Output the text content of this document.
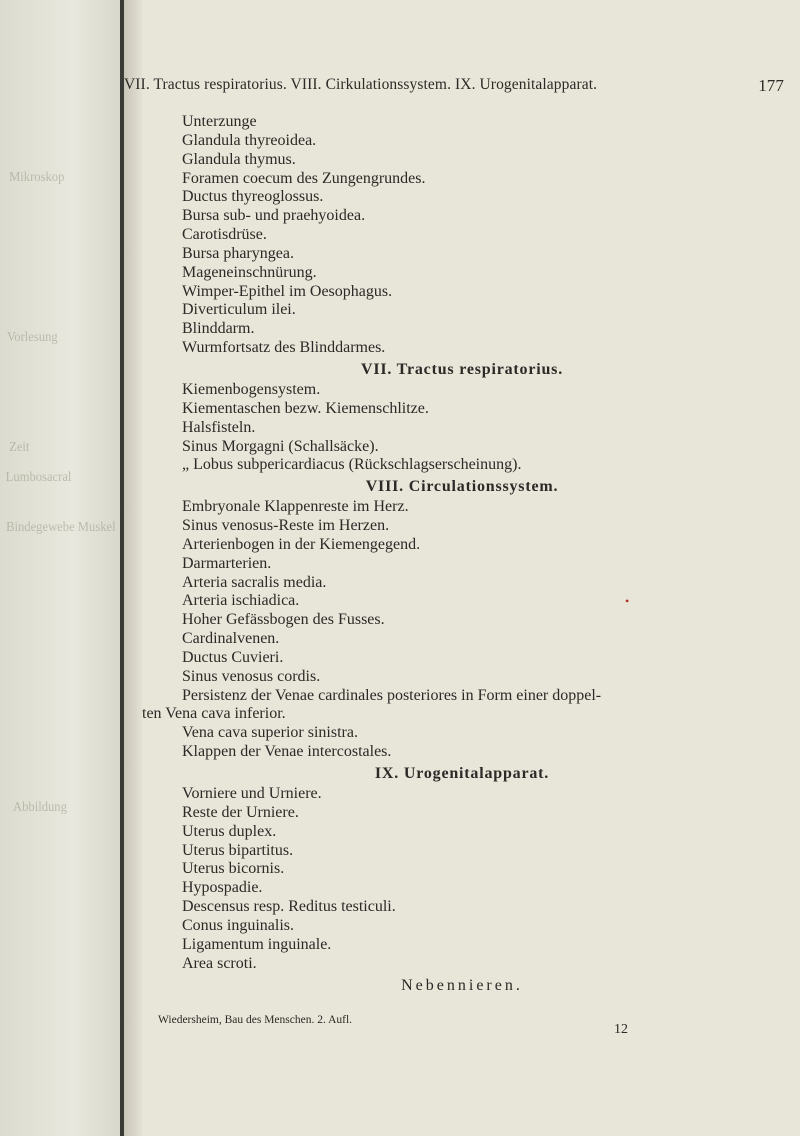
Mikroskop
Vorlesung
Zeit
Lumbosacral
Bindegewebe Muskel
Abbildung
VII. Tractus respiratorius. VIII. Cirkulationssystem. IX. Urogenitalapparat.	177
Unterzunge
Glandula thyreoidea.
Glandula thymus.
Foramen coecum des Zungengrundes.
Ductus thyreoglossus.
Bursa sub- und praehyoidea.
Carotisdrüse.
Bursa pharyngea.
Mageneinschnürung.
Wimper-Epithel im Oesophagus.
Diverticulum ilei.
Blinddarm.
Wurmfortsatz des Blinddarmes.
VII. Tractus respiratorius.
Kiemenbogensystem.
Kiementaschen bezw. Kiemenschlitze.
Halsfisteln.
Sinus Morgagni (Schallsäcke).
„ Lobus subpericardiacus (Rückschlagserscheinung).
VIII. Circulationssystem.
Embryonale Klappenreste im Herz.
Sinus venosus-Reste im Herzen.
Arterienbogen in der Kiemengegend.
Darmarterien.
Arteria sacralis media.
Arteria ischiadica.
Hoher Gefässbogen des Fusses.
Cardinalvenen.
Ductus Cuvieri.
Sinus venosus cordis.
Persistenz der Venae cardinales posteriores in Form einer doppel-
ten Vena cava inferior.
Vena cava superior sinistra.
Klappen der Venae intercostales.
IX. Urogenitalapparat.
Vorniere und Urniere.
Reste der Urniere.
Uterus duplex.
Uterus bipartitus.
Uterus bicornis.
Hypospadie.
Descensus resp. Reditus testiculi.
Conus inguinalis.
Ligamentum inguinale.
Area scroti.
Nebennieren.
Wiedersheim, Bau des Menschen. 2. Aufl.
12
•
